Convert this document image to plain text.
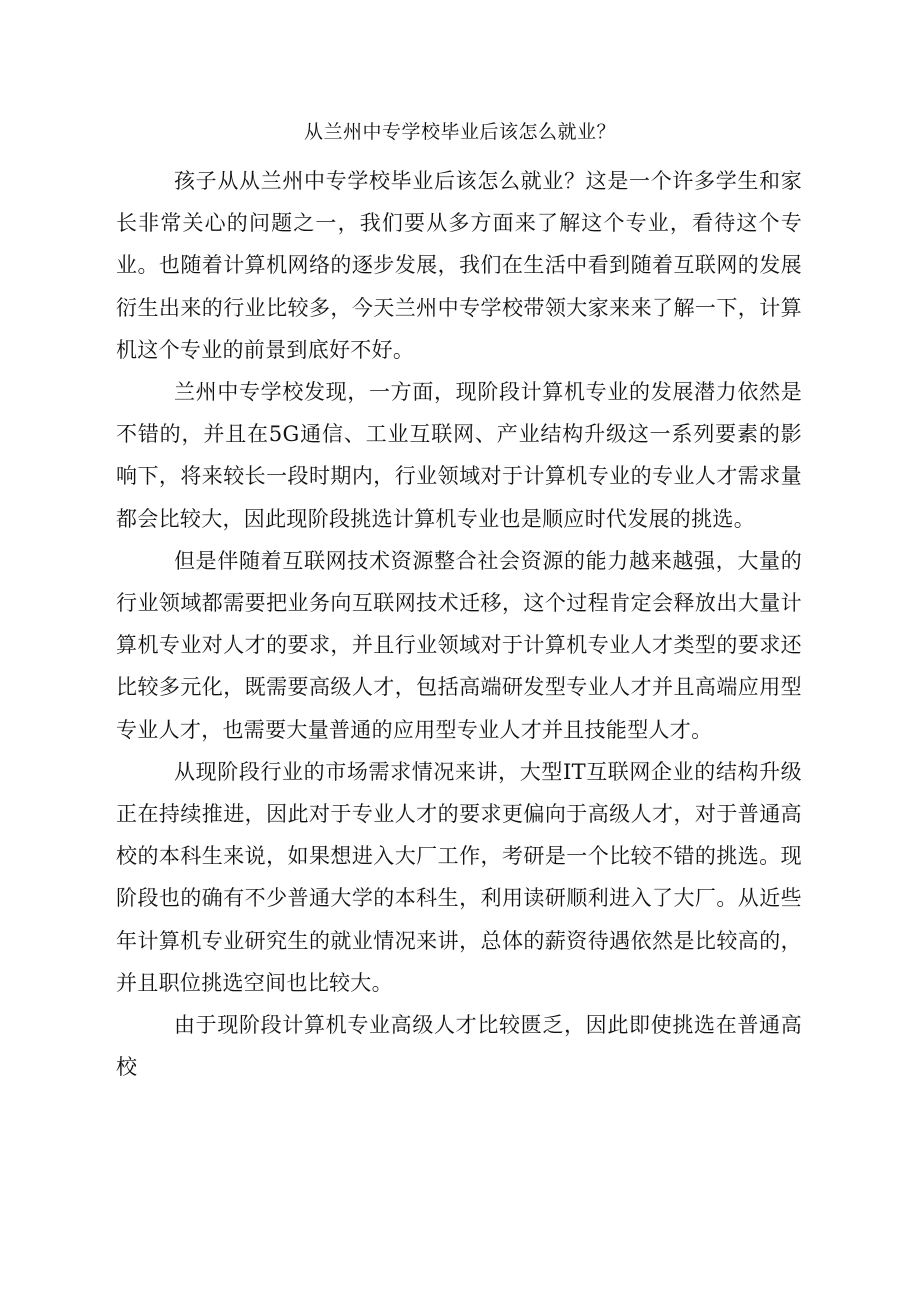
从兰州中专学校毕业后该怎么就业？

孩子从从兰州中专学校毕业后该怎么就业？这是一个许多学生和家长非常关心的问题之一，我们要从多方面来了解这个专业，看待这个专业。也随着计算机网络的逐步发展，我们在生活中看到随着互联网的发展衍生出来的行业比较多，今天兰州中专学校带领大家来来了解一下，计算机这个专业的前景到底好不好。

兰州中专学校发现，一方面，现阶段计算机专业的发展潜力依然是不错的，并且在5G通信、工业互联网、产业结构升级这一系列要素的影响下，将来较长一段时期内，行业领域对于计算机专业的专业人才需求量都会比较大，因此现阶段挑选计算机专业也是顺应时代发展的挑选。

但是伴随着互联网技术资源整合社会资源的能力越来越强，大量的行业领域都需要把业务向互联网技术迁移，这个过程肯定会释放出大量计算机专业对人才的要求，并且行业领域对于计算机专业人才类型的要求还比较多元化，既需要高级人才，包括高端研发型专业人才并且高端应用型专业人才，也需要大量普通的应用型专业人才并且技能型人才。

从现阶段行业的市场需求情况来讲，大型IT互联网企业的结构升级正在持续推进，因此对于专业人才的要求更偏向于高级人才，对于普通高校的本科生来说，如果想进入大厂工作，考研是一个比较不错的挑选。现阶段也的确有不少普通大学的本科生，利用读研顺利进入了大厂。从近些年计算机专业研究生的就业情况来讲，总体的薪资待遇依然是比较高的，并且职位挑选空间也比较大。

由于现阶段计算机专业高级人才比较匮乏，因此即使挑选在普通高校
